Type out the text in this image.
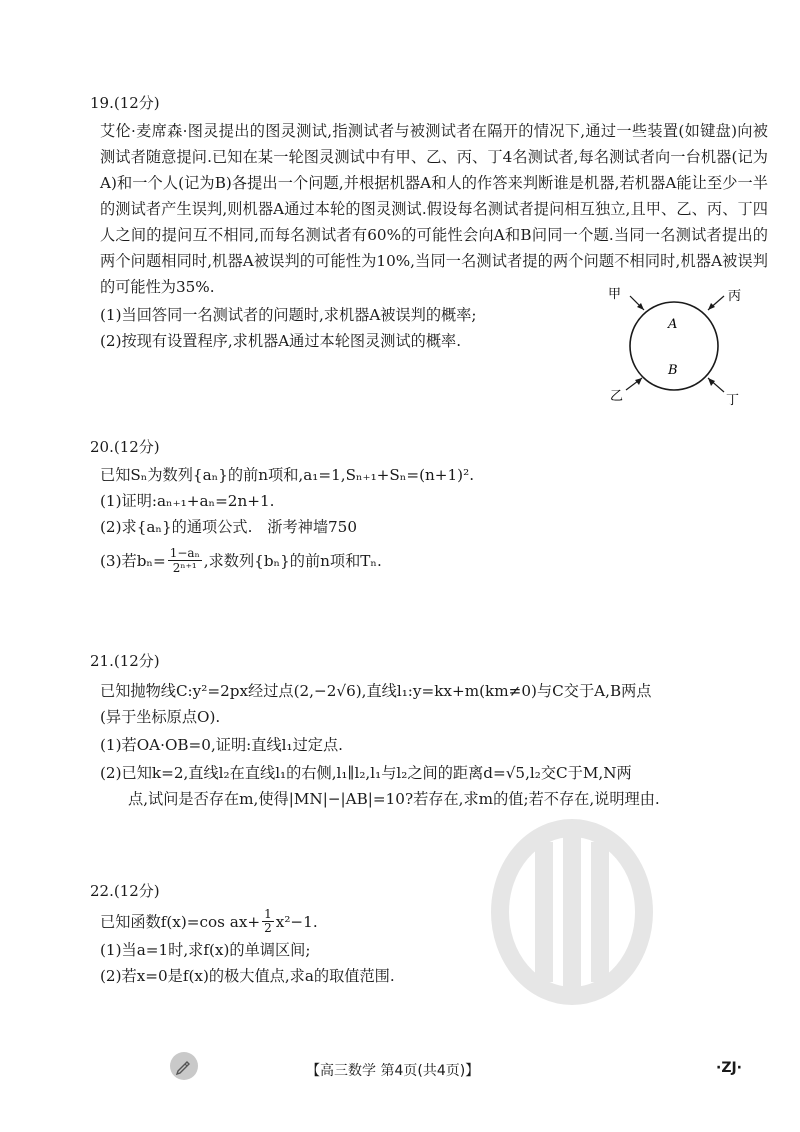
19.(12分)
艾伦·麦席森·图灵提出的图灵测试,指测试者与被测试者在隔开的情况下,通过一些装置(如键盘)向被测试者随意提问.已知在某一轮图灵测试中有甲、乙、丙、丁4名测试者,每名测试者向一台机器(记为A)和一个人(记为B)各提出一个问题,并根据机器A和人的作答来判断谁是机器,若机器A能让至少一半的测试者产生误判,则机器A通过本轮的图灵测试.假设每名测试者提问相互独立,且甲、乙、丙、丁四人之间的提问互不相同,而每名测试者有60%的可能性会向A和B问同一个题.当同一名测试者提出的两个问题相同时,机器A被误判的可能性为10%,当同一名测试者提的两个问题不相同时,机器A被误判的可能性为35%.
(1)当回答同一名测试者的问题时,求机器A被误判的概率;
(2)按现有设置程序,求机器A通过本轮图灵测试的概率.
甲	丙
乙	丁
A
B
20.(12分)
已知Sₙ为数列{aₙ}的前n项和,a₁=1,Sₙ₊₁+Sₙ=(n+1)².
(1)证明:aₙ₊₁+aₙ=2n+1.
(2)求{aₙ}的通项公式. 浙考神墙750
(3)若$b_n= \frac{\text{1−aₙ}}{\text{2ⁿ⁺¹}}$ ,求数列{bₙ}的前n项和Tₙ.
21.(12分)
已知抛物线C:y²=2px经过点(2,−2√6),直线l₁:y=kx+m(km≠0)与C交于A,B两点
(异于坐标原点O).
(1)若OA·OB=0,证明:直线l₁过定点.
(2)已知k=2,直线l₂在直线l₁的右侧,l₁∥l₂,l₁与l₂之间的距离d=√5,l₂交C于M,N两
点,试问是否存在m,使得|MN|−|AB|=10?若存在,求m的值;若不存在,说明理由.
22.(12分)
已知函数f(x)=cos $ax+ \frac{1}{2} x^2-1$.
(1)当a=1时,求f(x)的单调区间;
(2)若x=0是f(x)的极大值点,求a的取值范围.
【高三数学 第4页(共4页)】	·ZJ·
